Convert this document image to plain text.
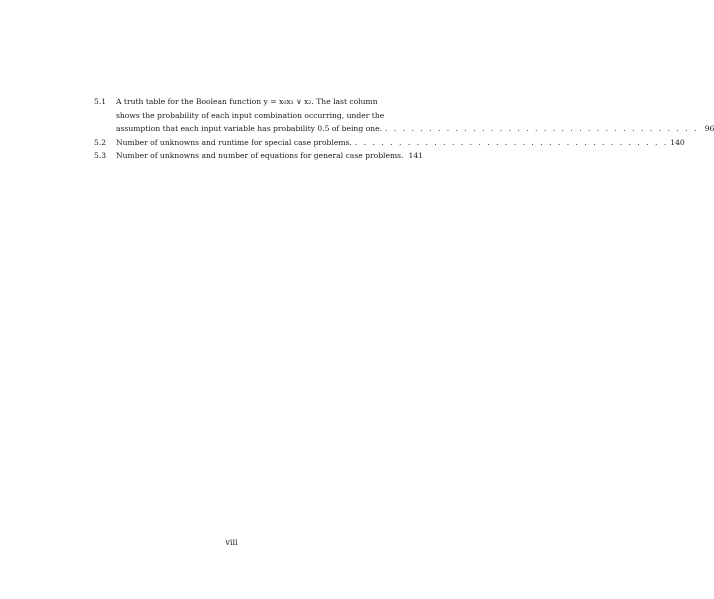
5.1	A truth table for the Boolean function y = x₀x₁ ∨ x₂. The last column
shows the probability of each input combination occurring, under the
assumption that each input variable has probability 0.5 of being one. . . . . . . . . . . . . . . . . . . . . . . . . . . . . . . . . . . . . 96
5.2	Number of unknowns and runtime for special case problems. . . . . . . . . . . . . . . . . . . . . . . . . . . . . . . . . . . . . 140
5.3	Number of unknowns and number of equations for general case problems. 141
viii
